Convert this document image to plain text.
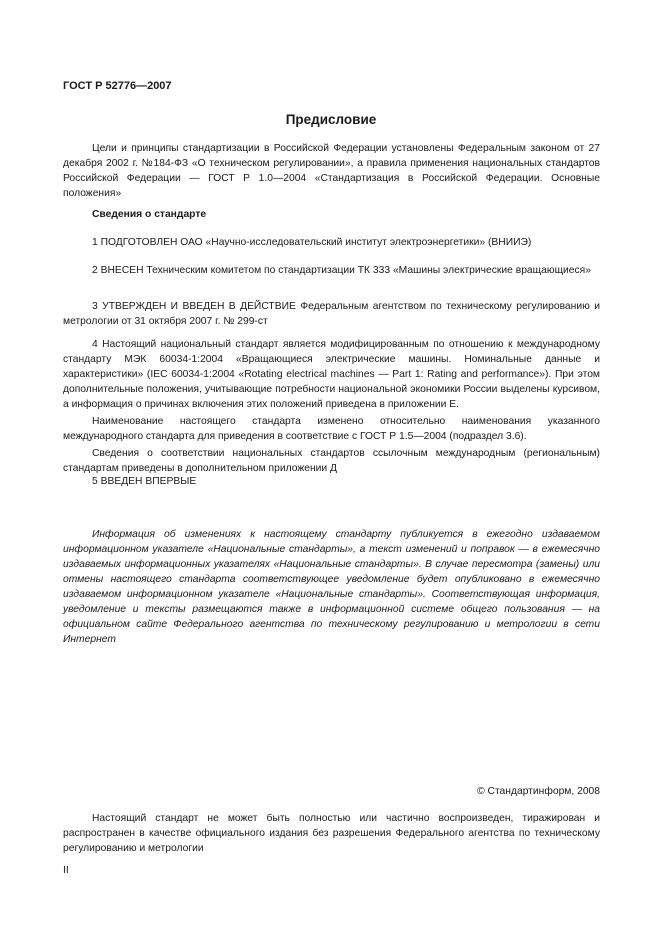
ГОСТ Р 52776—2007
Предисловие

Цели и принципы стандартизации в Российской Федерации установлены Федеральным законом от 27 декабря 2002 г. №184-ФЗ «О техническом регулировании», а правила применения национальных стандартов Российской Федерации — ГОСТ Р 1.0—2004 «Стандартизация в Российской Федерации. Основные положения»

Сведения о стандарте

1 ПОДГОТОВЛЕН ОАО «Научно-исследовательский институт электроэнергетики» (ВНИИЭ)

2 ВНЕСЕН Техническим комитетом по стандартизации ТК 333 «Машины электрические вращающиеся»

3 УТВЕРЖДЕН И ВВЕДЕН В ДЕЙСТВИЕ Федеральным агентством по техническому регулированию и метрологии от 31 октября 2007 г. № 299-ст

4 Настоящий национальный стандарт является модифицированным по отношению к международному стандарту МЭК 60034-1:2004 «Вращающиеся электрические машины. Номинальные данные и характеристики» (IEC 60034-1:2004 «Rotating electrical machines — Part 1: Rating and performance»). При этом дополнительные положения, учитывающие потребности национальной экономики России выделены курсивом, а информация о причинах включения этих положений приведена в приложении Е.

Наименование настоящего стандарта изменено относительно наименования указанного международного стандарта для приведения в соответствие с ГОСТ Р 1.5—2004 (подраздел 3.6).

Сведения о соответствии национальных стандартов ссылочным международным (региональным) стандартам приведены в дополнительном приложении Д

5 ВВЕДЕН ВПЕРВЫЕ

Информация об изменениях к настоящему стандарту публикуется в ежегодно издаваемом информационном указателе «Национальные стандарты», а текст изменений и поправок — в ежемесячно издаваемых информационных указателях «Национальные стандарты». В случае пересмотра (замены) или отмены настоящего стандарта соответствующее уведомление будет опубликовано в ежемесячно издаваемом информационном указателе «Национальные стандарты». Соответствующая информация, уведомление и тексты размещаются также в информационной системе общего пользования — на официальном сайте Федерального агентства по техническому регулированию и метрологии в сети Интернет

© Стандартинформ, 2008

Настоящий стандарт не может быть полностью или частично воспроизведен, тиражирован и распространен в качестве официального издания без разрешения Федерального агентства по техническому регулированию и метрологии

II
